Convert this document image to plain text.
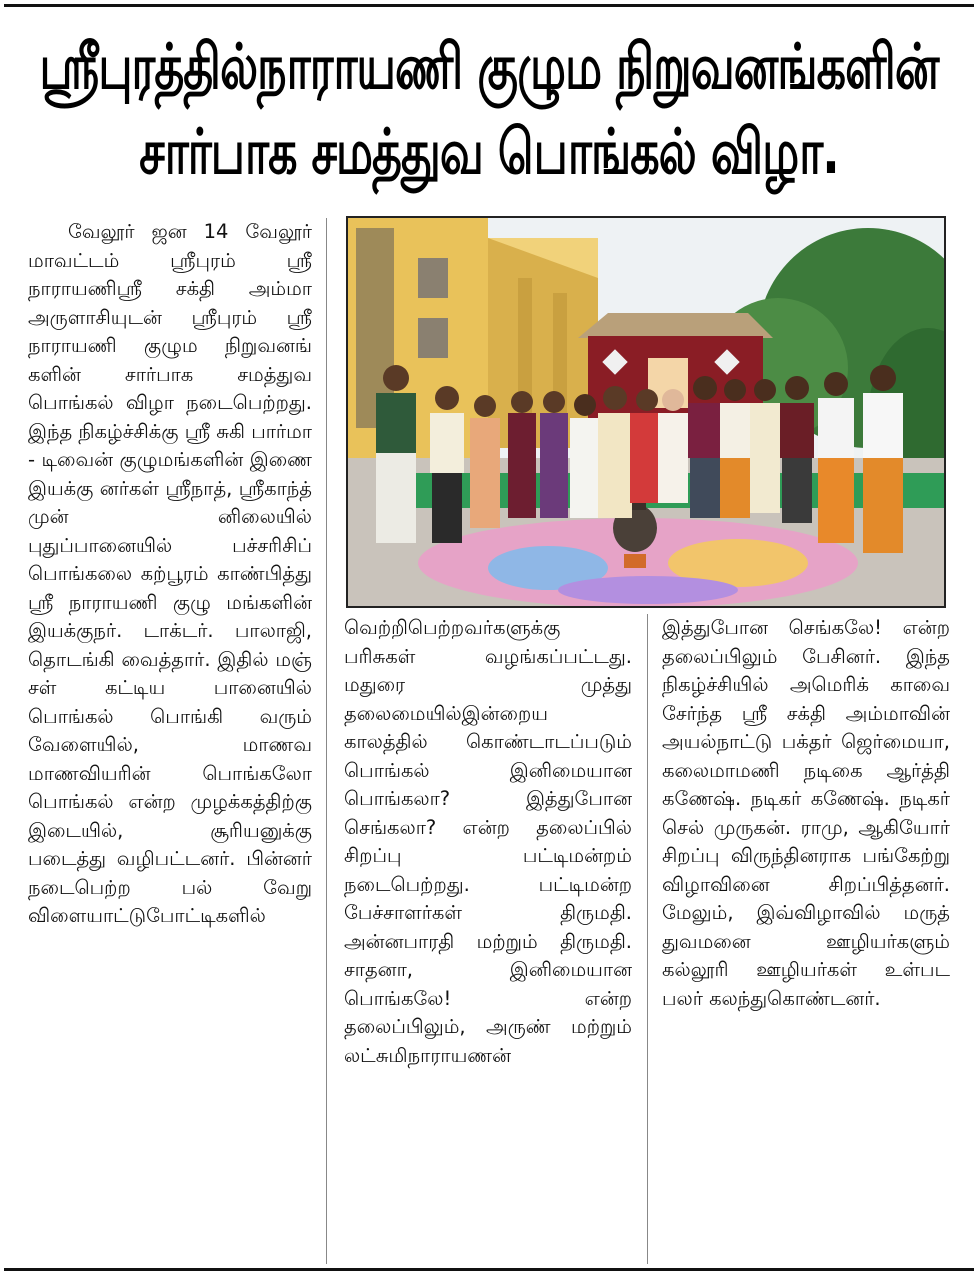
ஸ்ரீபுரத்தில்நாராயணி குழும நிறுவனங்களின்
சார்பாக சமத்துவ பொங்கல் விழா.

வேலூர் ஜன 14 வேலூர் மாவட்டம் ஸ்ரீபுரம் ஸ்ரீ நாராயணிஸ்ரீ சக்தி அம்மா அருளாசியுடன் ஸ்ரீபுரம் ஸ்ரீ நாராயணி குழும நிறுவனங் களின் சார்பாக சமத்துவ பொங்கல் விழா நடைபெற்றது. இந்த நிகழ்ச்சிக்கு ஸ்ரீ சுகி பார்மா - டிவைன் குழுமங்களின் இணை இயக்கு னர்கள் ஸ்ரீநாத், ஸ்ரீகாந்த் முன் னிலையில் புதுப்பானையில் பச்சரிசிப் பொங்கலை கற்பூரம் காண்பித்து ஸ்ரீ நாராயணி குழு மங்களின் இயக்குநர். டாக்டர். பாலாஜி, தொடங்கி வைத்தார். இதில் மஞ் சள் கட்டிய பானையில் பொங்கல் பொங்கி வரும் வேளையில், மாணவ மாணவியரின் பொங்கலோ பொங்கல் என்ற முழக்கத்திற்கு இடையில், சூரியனுக்கு படைத்து வழிபட்டனர். பின்னர் நடைபெற்ற பல் வேறு விளையாட்டுபோட்டிகளில்

வெற்றிபெற்றவர்களுக்கு பரிசுகள் வழங்கப்பட்டது. மதுரை முத்து தலைமையில்இன்றைய காலத்தில் கொண்டாடப்படும் பொங்கல் இனிமையான பொங்கலா? இத்துபோன செங்கலா? என்ற தலைப்பில் சிறப்பு பட்டிமன்றம் நடைபெற்றது. பட்டிமன்ற பேச்சாளர்கள் திருமதி. அன்னபாரதி மற்றும் திருமதி. சாதனா, இனிமையான பொங்கலே! என்ற தலைப்பிலும், அருண் மற்றும் லட்சுமிநாராயணன்

இத்துபோன செங்கலே! என்ற தலைப்பிலும் பேசினர். இந்த நிகழ்ச்சியில் அமெரிக் காவை சேர்ந்த ஸ்ரீ சக்தி அம்மாவின் அயல்நாட்டு பக்தர் ஜெர்மையா, கலைமாமணி நடிகை ஆர்த்தி கணேஷ். நடிகர் கணேஷ். நடிகர் செல் முருகன். ராமு, ஆகியோர் சிறப்பு விருந்தினராக பங்கேற்று விழாவினை சிறப்பித்தனர். மேலும், இவ்விழாவில் மருத் துவமனை ஊழியர்களும் கல்லூரி ஊழியர்கள் உள்பட பலர் கலந்துகொண்டனர்.
